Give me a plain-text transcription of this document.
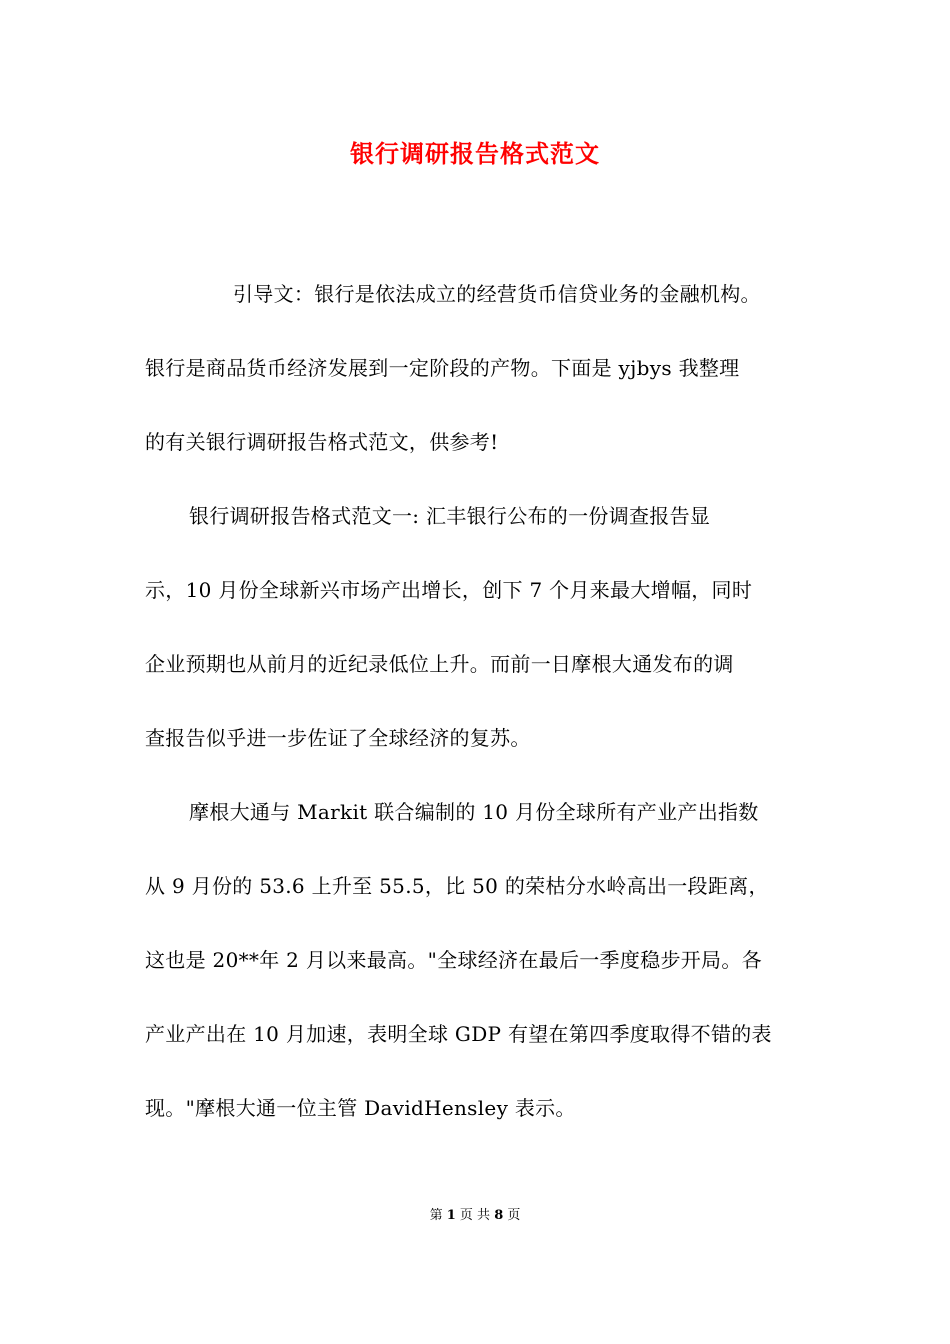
银行调研报告格式范文
引导文：银行是依法成立的经营货币信贷业务的金融机构。
银行是商品货币经济发展到一定阶段的产物。下面是 yjbys 我整理
的有关银行调研报告格式范文，供参考!
银行调研报告格式范文一: 汇丰银行公布的一份调查报告显
示，10 月份全球新兴市场产出增长，创下 7 个月来最大增幅，同时
企业预期也从前月的近纪录低位上升。而前一日摩根大通发布的调
查报告似乎进一步佐证了全球经济的复苏。
摩根大通与 Markit 联合编制的 10 月份全球所有产业产出指数
从 9 月份的 53.6 上升至 55.5，比 50 的荣枯分水岭高出一段距离，
这也是 20**年 2 月以来最高。"全球经济在最后一季度稳步开局。各
产业产出在 10 月加速，表明全球 GDP 有望在第四季度取得不错的表
现。"摩根大通一位主管 DavidHensley 表示。
第 1 页 共 8 页
